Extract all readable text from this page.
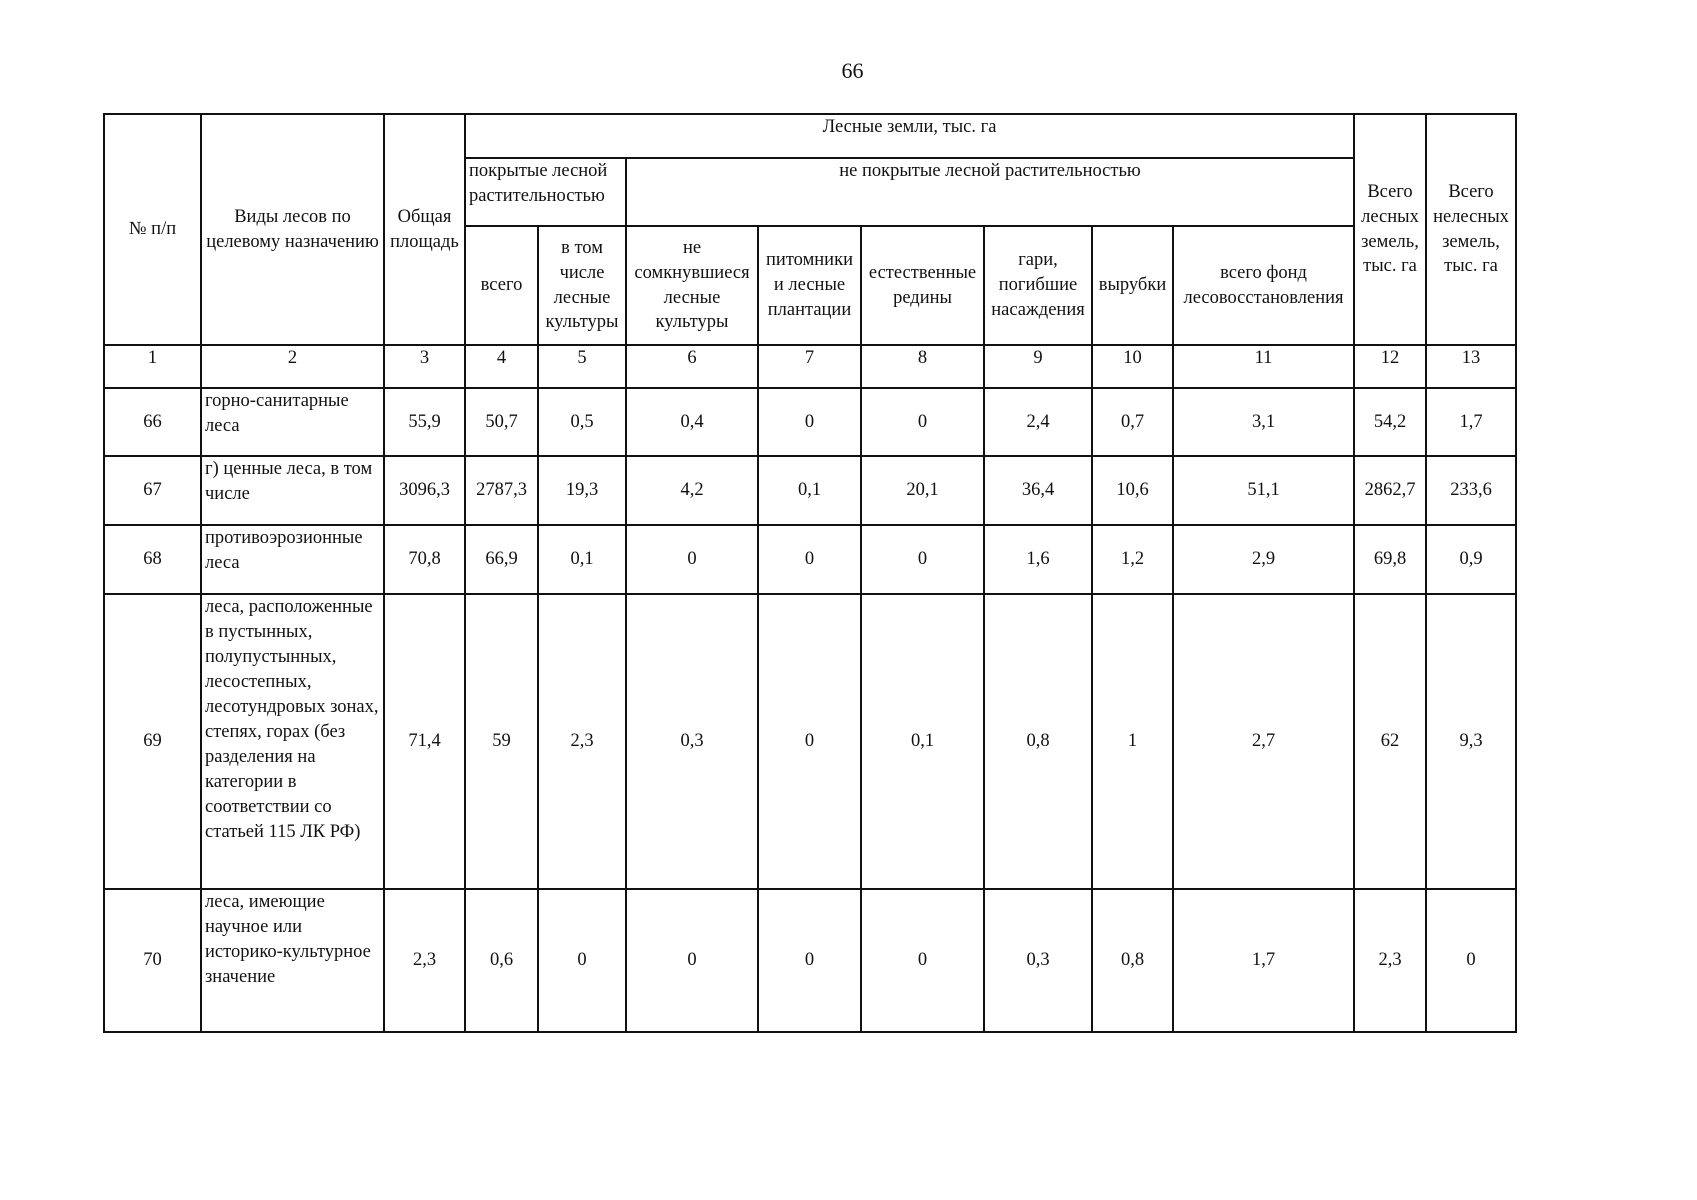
66
№ п/п	Виды лесов по целевому назначению	Общая площадь	Лесные земли, тыс. га								Всего лесных земель, тыс. га	Всего нелесных земель, тыс. га
			покрытые лесной растительностью		не покрытые лесной растительностью							
			всего	в том числе лесные культуры	не сомкнувшиеся лесные культуры	питомники и лесные плантации	естественные редины	гари, погибшие насаждения	вырубки	всего фонд лесовосстановления		
1	2	3	4	5	6	7	8	9	10	11	12	13
66	горно-санитарные леса	55,9	50,7	0,5	0,4	0	0	2,4	0,7	3,1	54,2	1,7
67	г) ценные леса, в том числе	3096,3	2787,3	19,3	4,2	0,1	20,1	36,4	10,6	51,1	2862,7	233,6
68	противоэрозионные леса	70,8	66,9	0,1	0	0	0	1,6	1,2	2,9	69,8	0,9
69	леса, расположенные в пустынных, полупустынных, лесостепных, лесотундровых зонах, степях, горах (без разделения на категории в соответствии со статьей 115 ЛК РФ)	71,4	59	2,3	0,3	0	0,1	0,8	1	2,7	62	9,3
70	леса, имеющие научное или историко-культурное значение	2,3	0,6	0	0	0	0	0,3	0,8	1,7	2,3	0
